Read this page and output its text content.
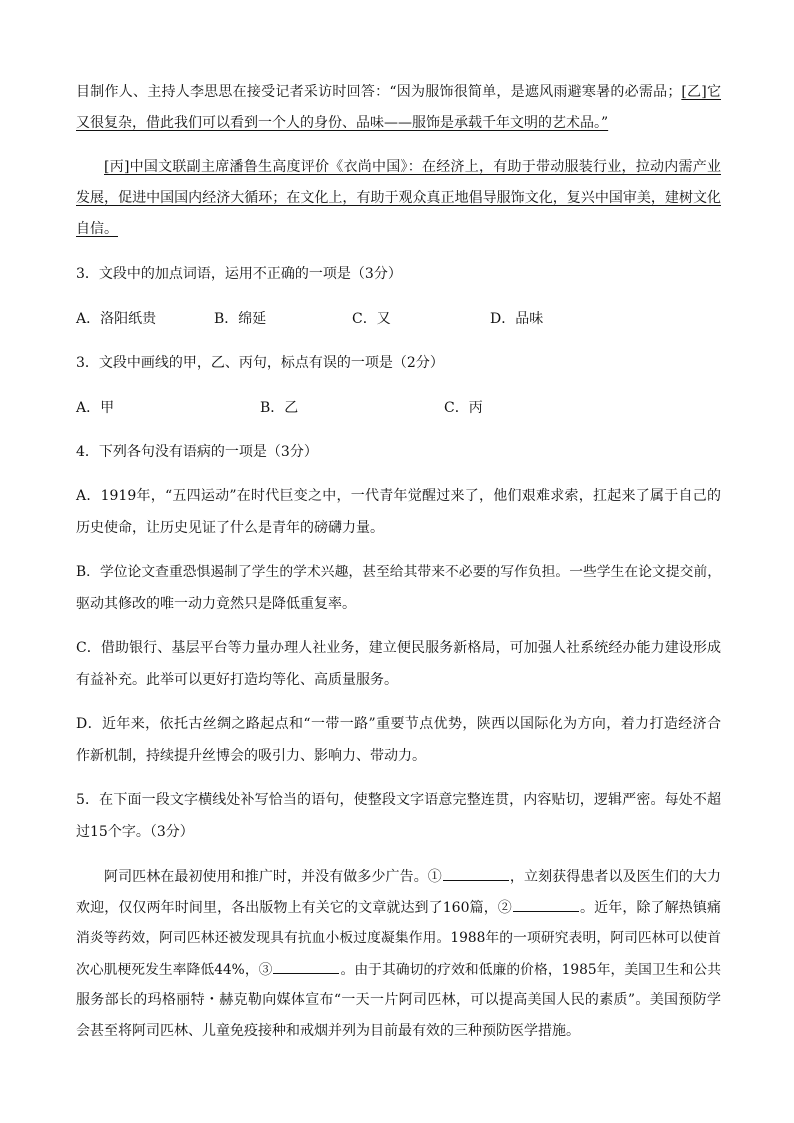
目制作人、主持人李思思在接受记者采访时回答：“因为服饰很简单，是遮风雨避寒暑的必需品；[乙]它
又很复杂，借此我们可以看到一个人的身份、品味——服饰是承载千年文明的艺术品。”
[丙]中国文联副主席潘鲁生高度评价《衣尚中国》：在经济上，有助于带动服装行业，拉动内需产业
发展，促进中国国内经济大循环；在文化上，有助于观众真正地倡导服饰文化，复兴中国审美，建树文化
自信。
3．文段中的加点词语，运用不正确的一项是（3分）
A．洛阳纸贵	B．绵延	C．又	D．品味
3．文段中画线的甲，乙、丙句，标点有误的一项是（2分）
A．甲	B．乙	C．丙
4．下列各句没有语病的一项是（3分）
A．1919年，“五四运动”在时代巨变之中，一代青年觉醒过来了，他们艰难求索，扛起来了属于自己的
历史使命，让历史见证了什么是青年的磅礴力量。
B．学位论文查重恐惧遏制了学生的学术兴趣，甚至给其带来不必要的写作负担。一些学生在论文提交前，
驱动其修改的唯一动力竟然只是降低重复率。
C．借助银行、基层平台等力量办理人社业务，建立便民服务新格局，可加强人社系统经办能力建设形成
有益补充。此举可以更好打造均等化、高质量服务。
D．近年来，依托古丝绸之路起点和“一带一路”重要节点优势，陕西以国际化为方向，着力打造经济合
作新机制，持续提升丝博会的吸引力、影响力、带动力。
5．在下面一段文字横线处补写恰当的语句，使整段文字语意完整连贯，内容贴切，逻辑严密。每处不超
过15个字。（3分）
阿司匹林在最初使用和推广时，并没有做多少广告。①	，立刻获得患者以及医生们的大力
欢迎，仅仅两年时间里，各出版物上有关它的文章就达到了160篇，②	。近年，除了解热镇痛
消炎等药效，阿司匹林还被发现具有抗血小板过度凝集作用。1988年的一项研究表明，阿司匹林可以使首
次心肌梗死发生率降低44%，③	。由于其确切的疗效和低廉的价格，1985年，美国卫生和公共
服务部长的玛格丽特・赫克勒向媒体宣布“一天一片阿司匹林，可以提高美国人民的素质”。美国预防学
会甚至将阿司匹林、儿童免疫接种和戒烟并列为目前最有效的三种预防医学措施。
